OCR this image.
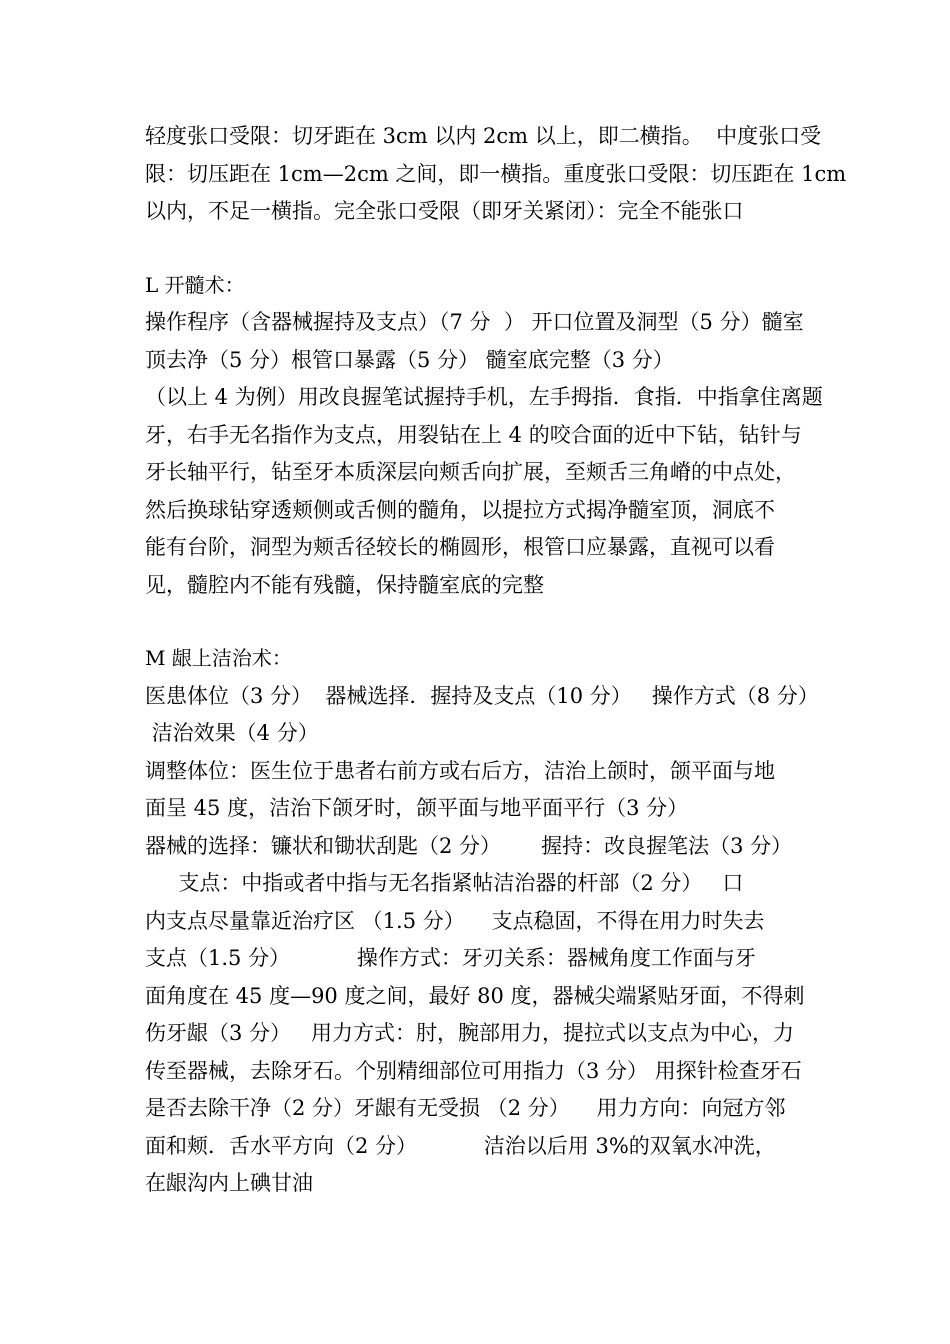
轻度张口受限：切牙距在 3cm 以内 2cm 以上，即二横指。  中度张口受
限：切压距在 1cm—2cm 之间，即一横指。重度张口受限：切压距在 1cm
以内，不足一横指。完全张口受限（即牙关紧闭）：完全不能张口
L 开髓术：
操作程序（含器械握持及支点）（7 分  ） 开口位置及洞型（5 分）髓室
顶去净（5 分）根管口暴露（5 分） 髓室底完整（3 分）
（以上 4 为例）用改良握笔试握持手机，左手拇指．食指．中指拿住离题
牙，右手无名指作为支点，用裂钻在上 4 的咬合面的近中下钻，钻针与
牙长轴平行，钻至牙本质深层向颊舌向扩展，至颊舌三角嵴的中点处，
然后换球钻穿透颊侧或舌侧的髓角，以提拉方式揭净髓室顶，洞底不
能有台阶，洞型为颊舌径较长的椭圆形，根管口应暴露，直视可以看
见，髓腔内不能有残髓，保持髓室底的完整
M 龈上洁治术：
医患体位（3 分）  器械选择．握持及支点（10 分）   操作方式（8 分）
洁治效果（4 分）
调整体位：医生位于患者右前方或右后方，洁治上颌时，颌平面与地
面呈 45 度，洁治下颌牙时，颌平面与地平面平行（3 分）
器械的选择：镰状和锄状刮匙（2 分）      握持：改良握笔法（3 分）
支点：中指或者中指与无名指紧帖洁治器的杆部（2 分）   口
内支点尽量靠近治疗区 （1.5 分）    支点稳固，不得在用力时失去
支点（1.5 分）          操作方式：牙刃关系：器械角度工作面与牙
面角度在 45 度—90 度之间，最好 80 度，器械尖端紧贴牙面，不得刺
伤牙龈（3 分）   用力方式：肘，腕部用力，提拉式以支点为中心，力
传至器械，去除牙石。个别精细部位可用指力（3 分） 用探针检查牙石
是否去除干净（2 分）牙龈有无受损 （2 分）    用力方向：向冠方邻
面和颊．舌水平方向（2 分）          洁治以后用 3%的双氧水冲洗，
在龈沟内上碘甘油
